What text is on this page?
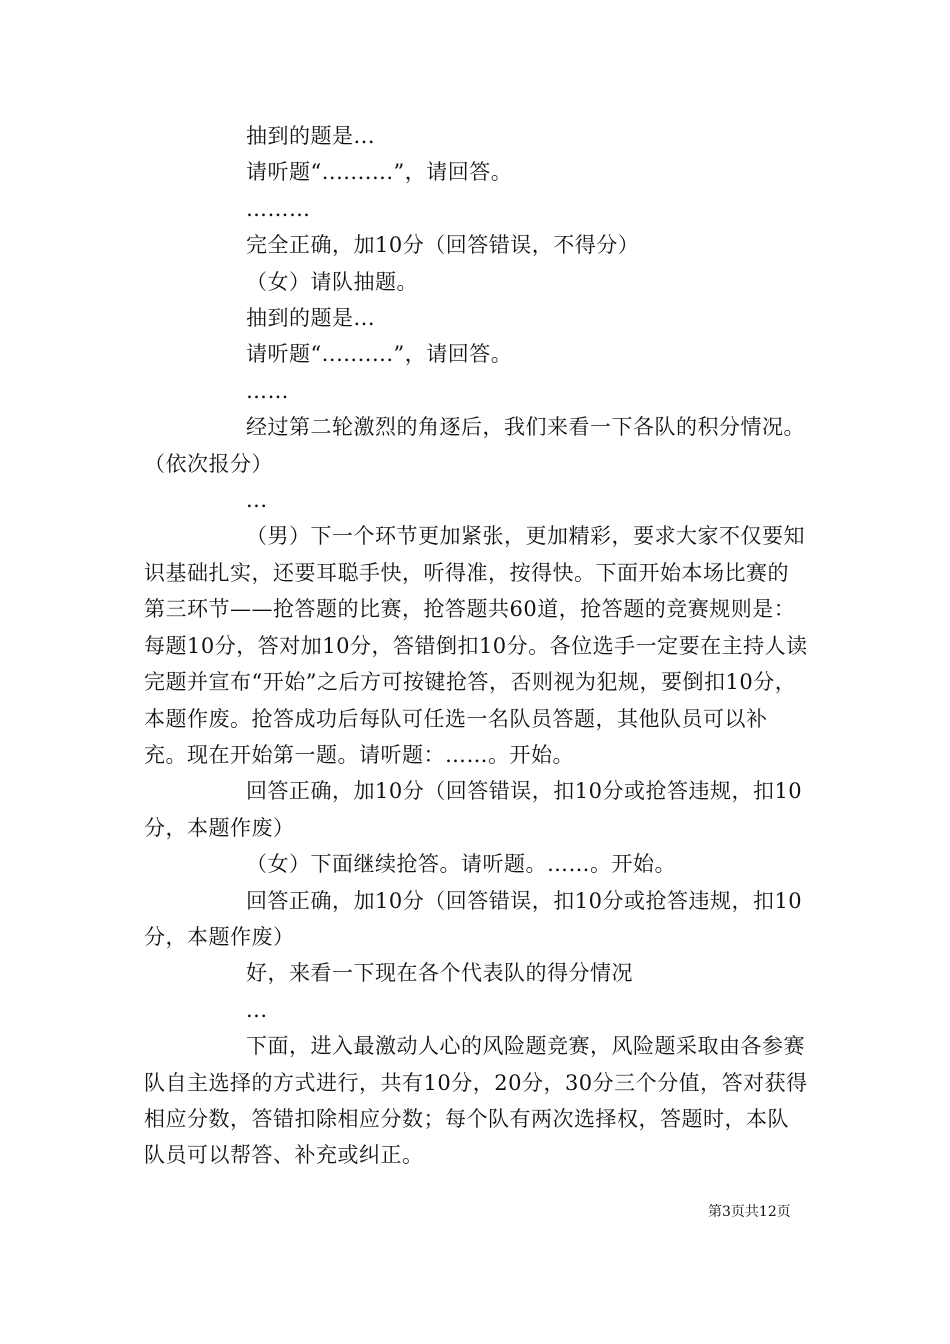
抽到的题是...

请听题“..........”，请回答。

………

完全正确，加10分（回答错误，不得分）

（女）请队抽题。

抽到的题是...

请听题“..........”，请回答。

……

经过第二轮激烈的角逐后，我们来看一下各队的积分情况。（依次报分）

...

（男）下一个环节更加紧张，更加精彩，要求大家不仅要知识基础扎实，还要耳聪手快，听得准，按得快。下面开始本场比赛的第三环节——抢答题的比赛，抢答题共60道，抢答题的竞赛规则是：每题10分，答对加10分，答错倒扣10分。各位选手一定要在主持人读完题并宣布“开始”之后方可按键抢答，否则视为犯规，要倒扣10分，本题作废。抢答成功后每队可任选一名队员答题，其他队员可以补充。现在开始第一题。请听题：……。开始。

回答正确，加10分（回答错误，扣10分或抢答违规，扣10分，本题作废）

（女）下面继续抢答。请听题。……。开始。

回答正确，加10分（回答错误，扣10分或抢答违规，扣10分，本题作废）

好，来看一下现在各个代表队的得分情况

...

下面，进入最激动人心的风险题竞赛，风险题采取由各参赛队自主选择的方式进行，共有10分，20分，30分三个分值，答对获得相应分数，答错扣除相应分数；每个队有两次选择权，答题时，本队队员可以帮答、补充或纠正。

第3页共12页
